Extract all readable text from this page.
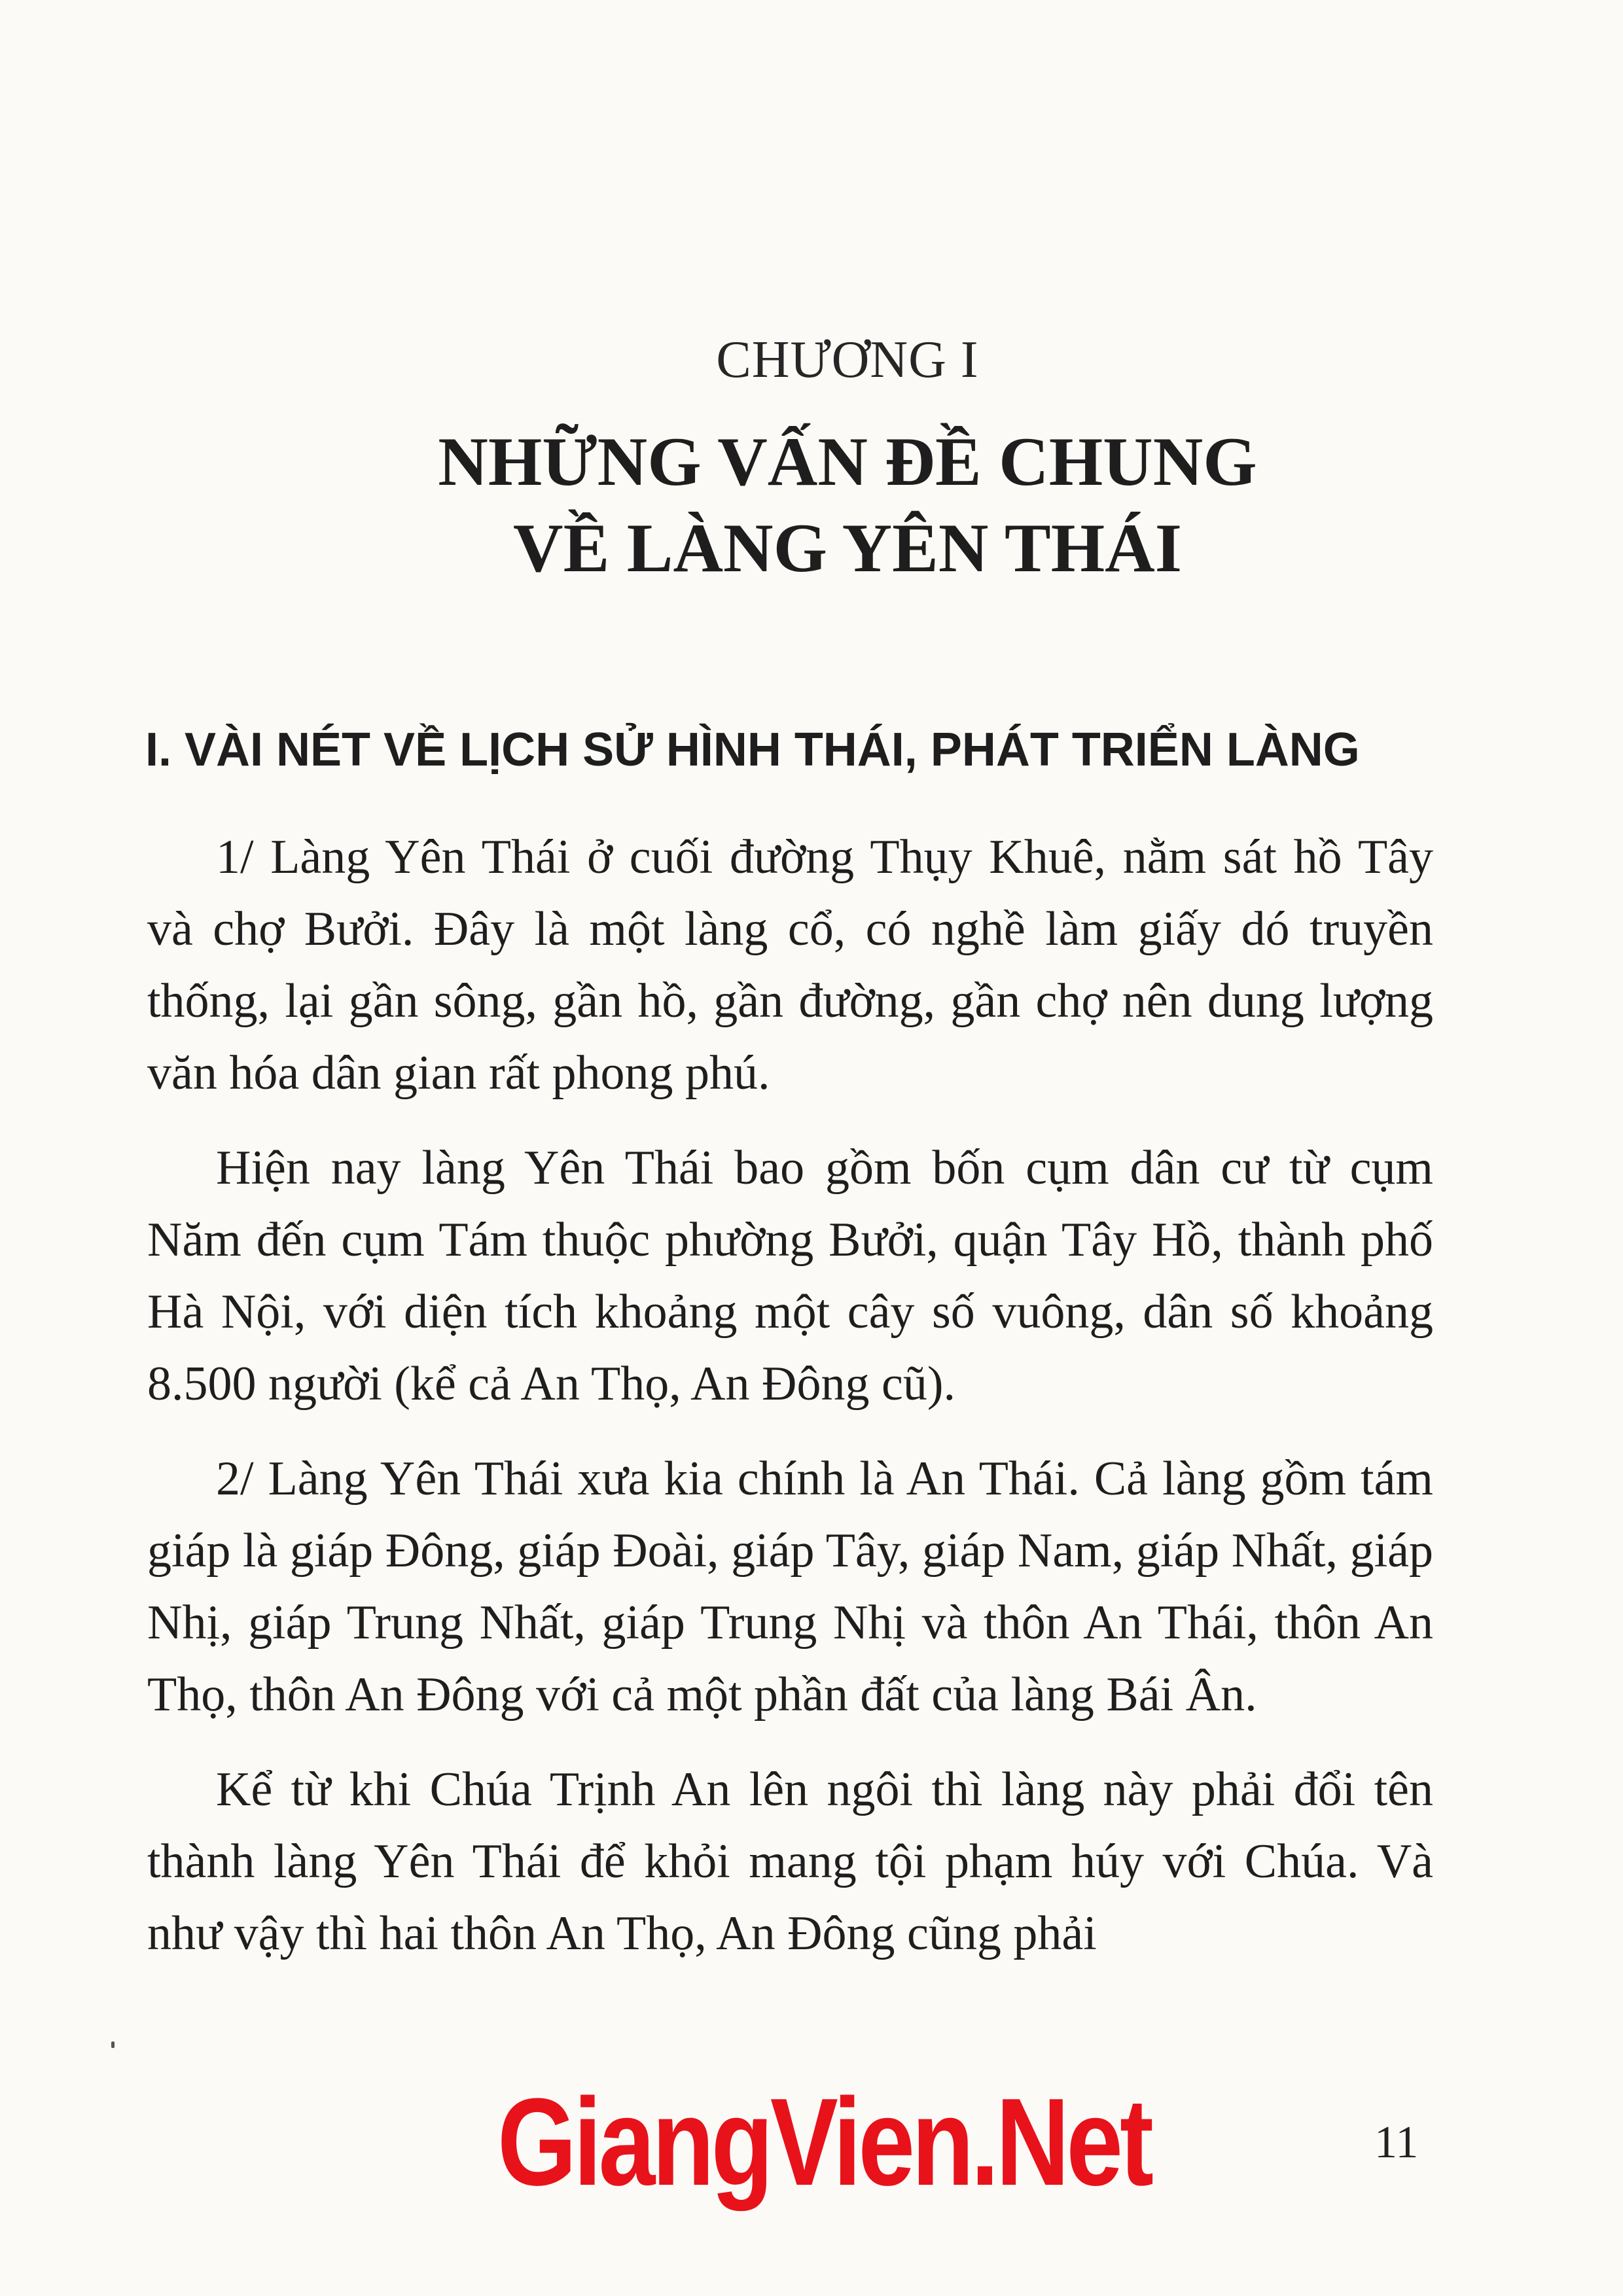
CHƯƠNG I
NHỮNG VẤN ĐỀ CHUNG
VỀ LÀNG YÊN THÁI
I. VÀI NÉT VỀ LỊCH SỬ HÌNH THÁI, PHÁT TRIỂN LÀNG

1/ Làng Yên Thái ở cuối đường Thụy Khuê, nằm sát hồ Tây và chợ Bưởi. Đây là một làng cổ, có nghề làm giấy dó truyền thống, lại gần sông, gần hồ, gần đường, gần chợ nên dung lượng văn hóa dân gian rất phong phú.

Hiện nay làng Yên Thái bao gồm bốn cụm dân cư từ cụm Năm đến cụm Tám thuộc phường Bưởi, quận Tây Hồ, thành phố Hà Nội, với diện tích khoảng một cây số vuông, dân số khoảng 8.500 người (kể cả An Thọ, An Đông cũ).

2/ Làng Yên Thái xưa kia chính là An Thái. Cả làng gồm tám giáp là giáp Đông, giáp Đoài, giáp Tây, giáp Nam, giáp Nhất, giáp Nhị, giáp Trung Nhất, giáp Trung Nhị và thôn An Thái, thôn An Thọ, thôn An Đông với cả một phần đất của làng Bái Ân.

Kể từ khi Chúa Trịnh An lên ngôi thì làng này phải đổi tên thành làng Yên Thái để khỏi mang tội phạm húy với Chúa. Và như vậy thì hai thôn An Thọ, An Đông cũng phải

GiangVien.Net	11
